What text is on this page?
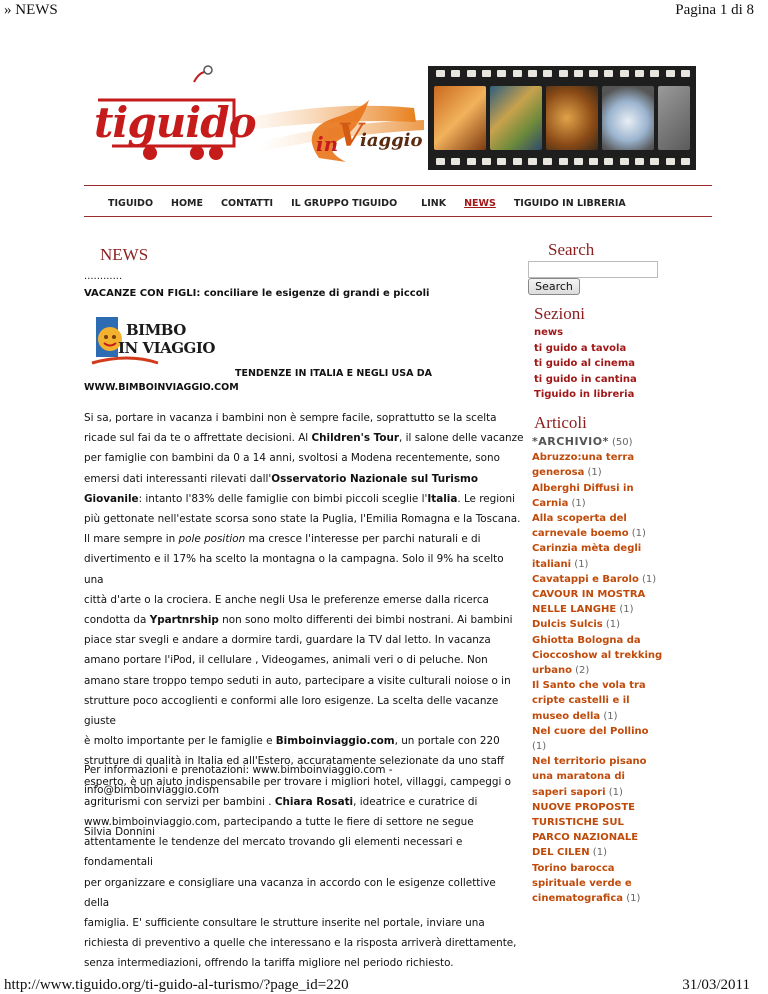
» NEWS	Pagina 1 di 8
http://www.tiguido.org/ti-guido-al-turismo/?page_id=220	31/03/2011
tiguido	in V
iaggio
TIGUIDO HOME CONTATTI IL GRUPPO TIGUIDO	LINK NEWS TIGUIDO IN LIBRERIA
NEWS
............
VACANZE CON FIGLI: conciliare le esigenze di grandi e piccoli
BIMBO
IN VIAGGIO
TENDENZE IN ITALIA E NEGLI USA DA
WWW.BIMBOINVIAGGIO.COM
Si sa, portare in vacanza i bambini non è sempre facile, soprattutto se la scelta
ricade sul fai da te o affrettate decisioni. Al Children's Tour, il salone delle vacanze
per famiglie con bambini da 0 a 14 anni, svoltosi a Modena recentemente, sono
emersi dati interessanti rilevati dall'Osservatorio Nazionale sul Turismo
Giovanile: intanto l'83% delle famiglie con bimbi piccoli sceglie l'Italia. Le regioni
più gettonate nell'estate scorsa sono state la Puglia, l'Emilia Romagna e la Toscana.
Il mare sempre in pole position ma cresce l'interesse per parchi naturali e di
divertimento e il 17% ha scelto la montagna o la campagna. Solo il 9% ha scelto una
città d'arte o la crociera. E anche negli Usa le preferenze emerse dalla ricerca
condotta da Ypartnrship non sono molto differenti dei bimbi nostrani. Ai bambini
piace star svegli e andare a dormire tardi, guardare la TV dal letto. In vacanza
amano portare l'iPod, il cellulare , Videogames, animali veri o di peluche. Non
amano stare troppo tempo seduti in auto, partecipare a visite culturali noiose o in
strutture poco accoglienti e conformi alle loro esigenze. La scelta delle vacanze giuste
è molto importante per le famiglie e Bimboinviaggio.com, un portale con 220
strutture di qualità in Italia ed all'Estero, accuratamente selezionate da uno staff
esperto, è un aiuto indispensabile per trovare i migliori hotel, villaggi, campeggi o
agriturismi con servizi per bambini . Chiara Rosati, ideatrice e curatrice di
www.bimboinviaggio.com, partecipando a tutte le fiere di settore ne segue
attentamente le tendenze del mercato trovando gli elementi necessari e fondamentali
per organizzare e consigliare una vacanza in accordo con le esigenze collettive della
famiglia. E' sufficiente consultare le strutture inserite nel portale, inviare una
richiesta di preventivo a quelle che interessano e la risposta arriverà direttamente,
senza intermediazioni, offrendo la tariffa migliore nel periodo richiesto.
Per informazioni e prenotazioni: www.bimboinviaggio.com -
info@bimboinviaggio.com
Silvia Donnini
Search
Search
Sezioni
news
ti guido a tavola
ti guido al cinema
ti guido in cantina
Tiguido in libreria
Articoli
*ARCHIVIO* (50)
Abruzzo:una terra
generosa (1)
Alberghi Diffusi in
Carnia (1)
Alla scoperta del
carnevale boemo (1)
Carinzia mèta degli
italiani (1)
Cavatappi e Barolo (1)
CAVOUR IN MOSTRA
NELLE LANGHE (1)
Dulcis Sulcis (1)
Ghiotta Bologna da
Cioccoshow al trekking
urbano (2)
Il Santo che vola tra
cripte castelli e il
museo della (1)
Nel cuore del Pollino
(1)
Nel territorio pisano
una maratona di
saperi sapori (1)
NUOVE PROPOSTE
TURISTICHE SUL
PARCO NAZIONALE
DEL CILEN (1)
Torino barocca
spirituale verde e
cinematografica (1)
